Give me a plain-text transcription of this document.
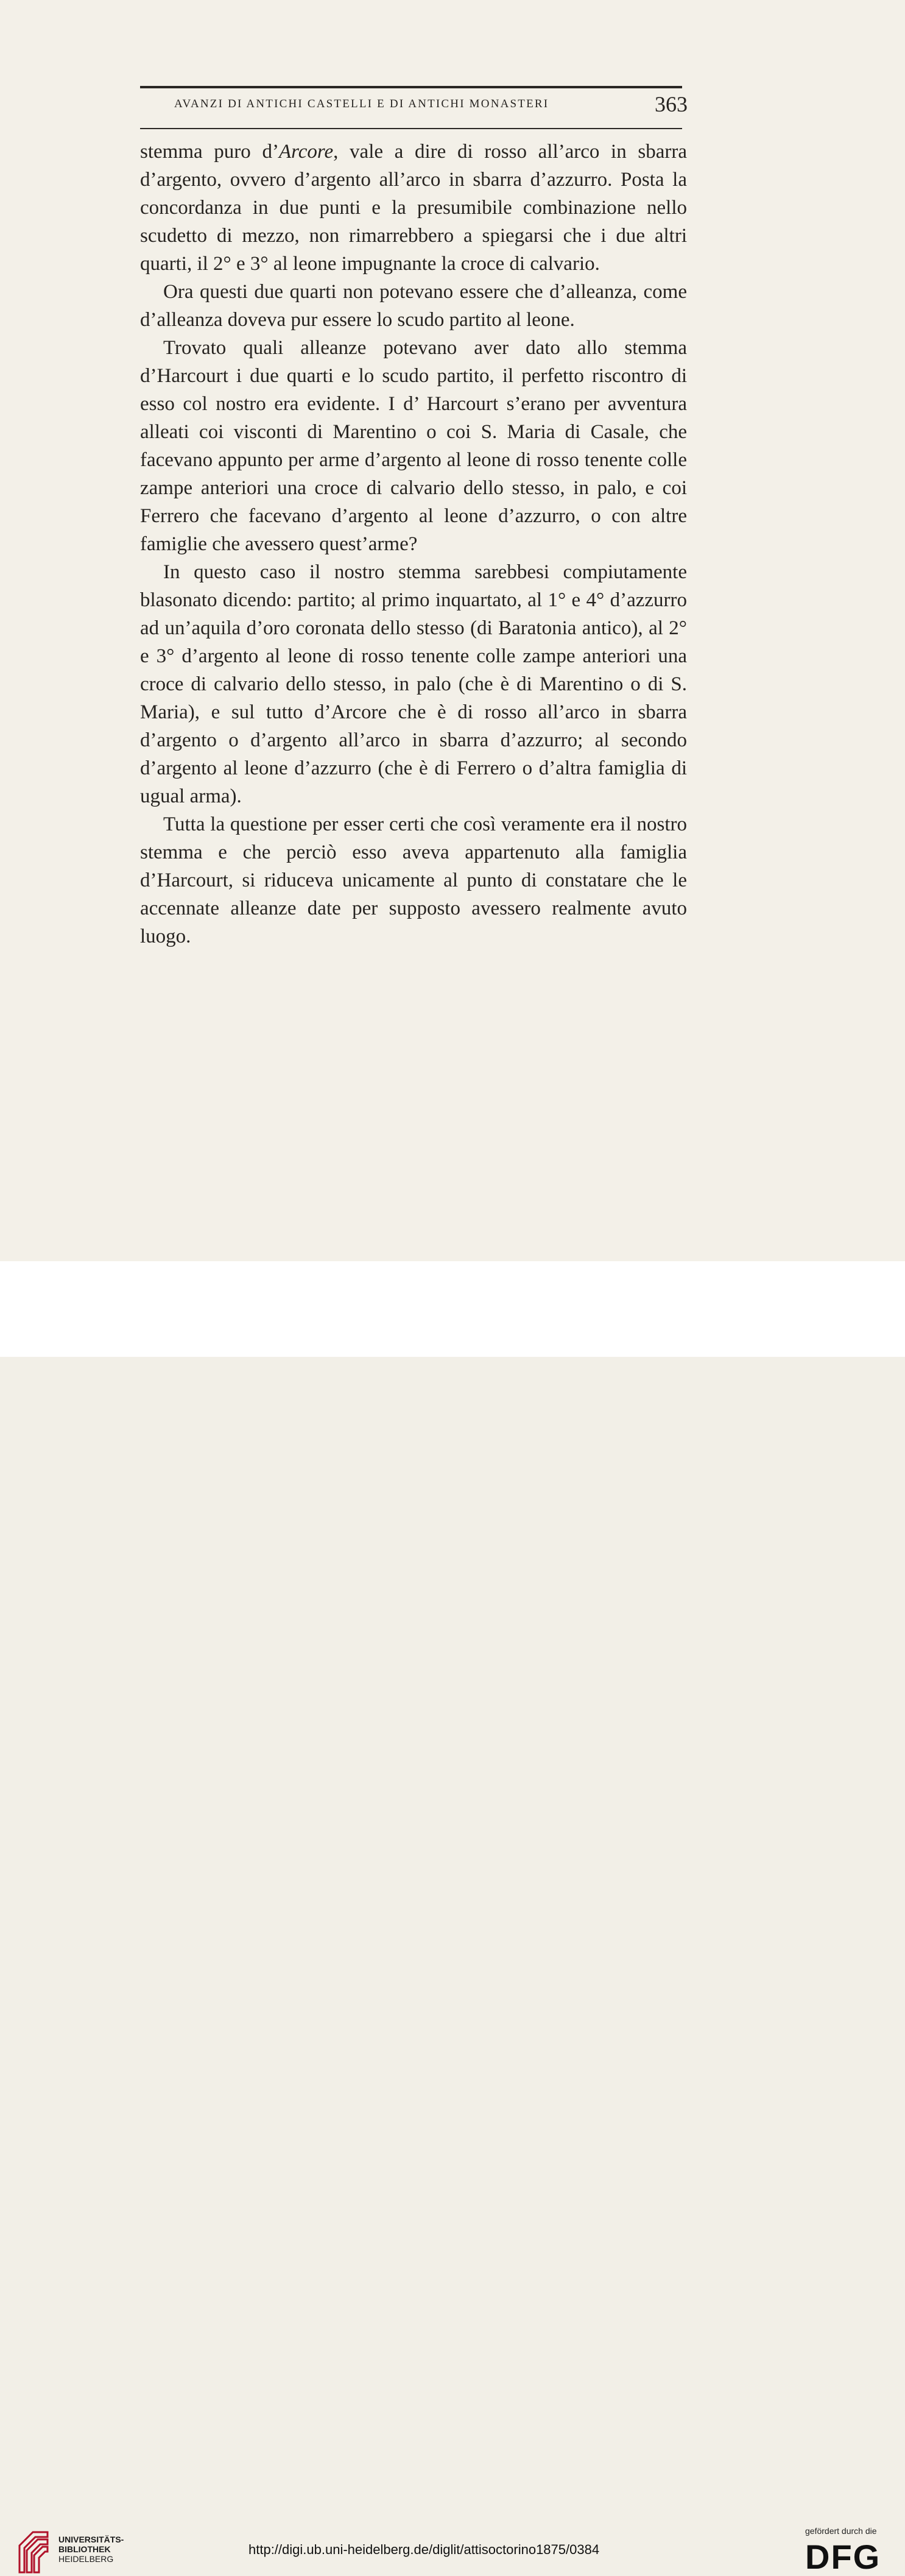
AVANZI DI ANTICHI CASTELLI E DI ANTICHI MONASTERI	363

stemma puro d’Arcore, vale a dire di rosso all’arco in sbarra d’argento, ovvero d’argento all’arco in sbarra d’azzurro. Posta la concordanza in due punti e la presumibile combinazione nello scudetto di mezzo, non rimarrebbero a spiegarsi che i due altri quarti, il 2° e 3° al leone impugnante la croce di calvario.

Ora questi due quarti non potevano essere che d’alleanza, come d’alleanza doveva pur essere lo scudo partito al leone.

Trovato quali alleanze potevano aver dato allo stemma d’Harcourt i due quarti e lo scudo partito, il perfetto riscontro di esso col nostro era evidente. I d’ Harcourt s’erano per avventura alleati coi visconti di Marentino o coi S. Maria di Casale, che facevano appunto per arme d’argento al leone di rosso tenente colle zampe anteriori una croce di calvario dello stesso, in palo, e coi Ferrero che facevano d’argento al leone d’azzurro, o con altre famiglie che avessero quest’arme?

In questo caso il nostro stemma sarebbesi compiutamente blasonato dicendo: partito; al primo inquartato, al 1° e 4° d’azzurro ad un’aquila d’oro coronata dello stesso (di Baratonia antico), al 2° e 3° d’argento al leone di rosso tenente colle zampe anteriori una croce di calvario dello stesso, in palo (che è di Marentino o di S. Maria), e sul tutto d’Arcore che è di rosso all’arco in sbarra d’argento o d’argento all’arco in sbarra d’azzurro; al secondo d’argento al leone d’azzurro (che è di Ferrero o d’altra famiglia di ugual arma).

Tutta la questione per esser certi che così veramente era il nostro stemma e che perciò esso aveva appartenuto alla famiglia d’Harcourt, si riduceva unicamente al punto di constatare che le accennate alleanze date per supposto avessero realmente avuto luogo.

UNIVERSITÄTS-
BIBLIOTHEK
HEIDELBERG
http://digi.ub.uni-heidelberg.de/diglit/attisoctorino1875/0384
gefördert durch die
DFG
